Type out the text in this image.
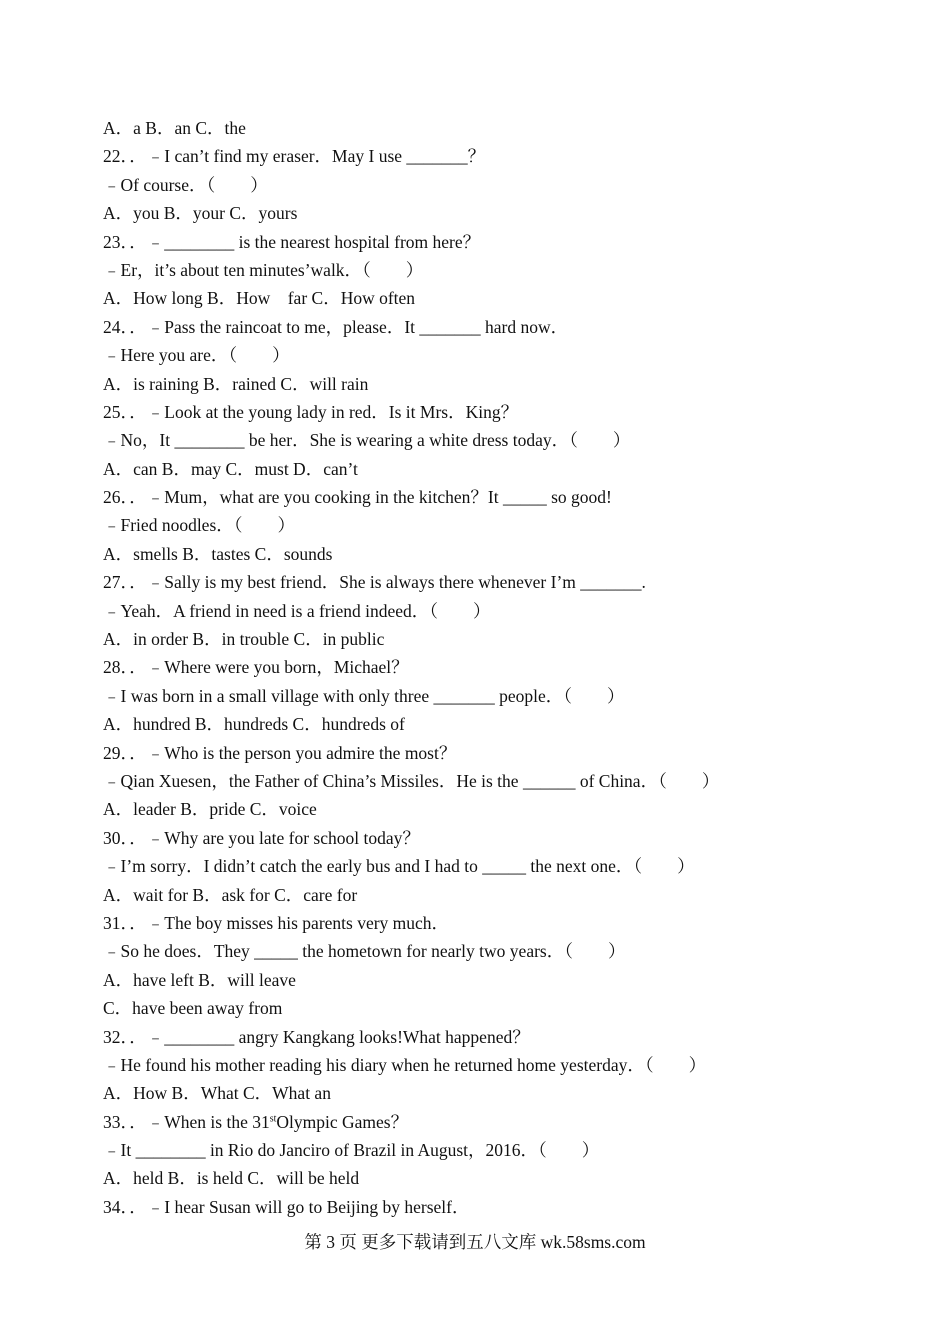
A．a B．an C．the
22．．﹣I can’t find my eraser．May I use _______？
﹣Of course．（　　）
A．you B．your C．yours
23．．﹣________ is the nearest hospital from here？
﹣Er，it’s about ten minutes’walk．（　　）
A．How long B．How　far C．How often
24．．﹣Pass the raincoat to me，please．It _______ hard now．
﹣Here you are．（　　）
A．is raining B．rained C．will rain
25．．﹣Look at the young lady in red．Is it Mrs．King？
﹣No，It ________ be her．She is wearing a white dress today．（　　）
A．can B．may C．must D．can’t
26．．﹣Mum，what are you cooking in the kitchen？It _____ so good!
﹣Fried noodles．（　　）
A．smells B．tastes C．sounds
27．．﹣Sally is my best friend．She is always there whenever I’m _______.
﹣Yeah．A friend in need is a friend indeed．（　　）
A．in order B．in trouble C．in public
28．．﹣Where were you born，Michael？
﹣I was born in a small village with only three _______ people．（　　）
A．hundred B．hundreds C．hundreds of
29．．﹣Who is the person you admire the most？
﹣Qian Xuesen，the Father of China’s Missiles．He is the ______ of China．（　　）
A．leader B．pride C．voice
30．．﹣Why are you late for school today？
﹣I’m sorry．I didn’t catch the early bus and I had to _____ the next one．（　　）
A．wait for B．ask for C．care for
31．．﹣The boy misses his parents very much．
﹣So he does．They _____ the hometown for nearly two years．（　　）
A．have left B．will leave
C．have been away from
32．．﹣________ angry Kangkang looks!What happened？
﹣He found his mother reading his diary when he returned home yesterday．（　　）
A．How B．What C．What an
33．．﹣When is the 31stOlympic Games？
﹣It ________ in Rio do Janciro of Brazil in August，2016．（　　）
A．held B．is held C．will be held
34．．﹣I hear Susan will go to Beijing by herself．
第 3 页 更多下载请到五八文库 wk.58sms.com
